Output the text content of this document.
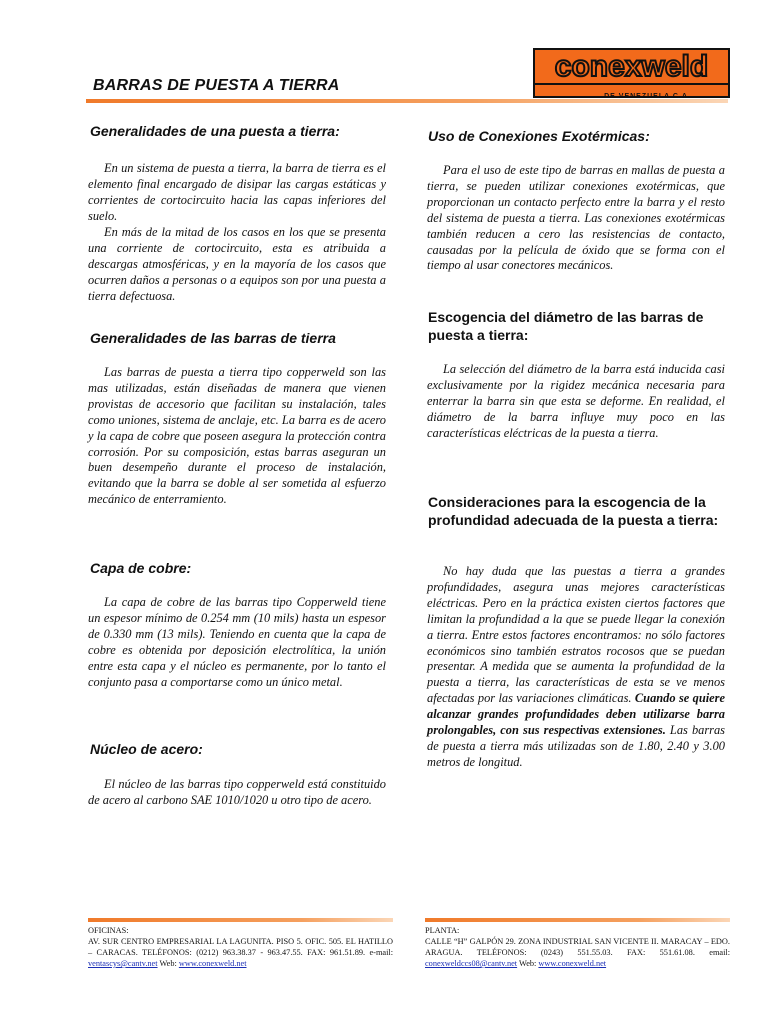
BARRAS DE PUESTA A TIERRA
conexweld
DE VENEZUELA C.A.
Generalidades de una puesta a tierra:

En un sistema de puesta a tierra, la barra de tierra es el elemento final encargado de disipar las cargas estáticas y corrientes de cortocircuito hacia las capas inferiores del suelo.

En más de la mitad de los casos en los que se presenta una corriente de cortocircuito, esta es atribuida a descargas atmosféricas, y en la mayoría de los casos que ocurren daños a personas o a equipos son por una puesta a tierra defectuosa.

Generalidades de las barras de tierra

Las barras de puesta a tierra tipo copperweld son las mas utilizadas, están diseñadas de manera que vienen provistas de accesorio que facilitan su instalación, tales como uniones, sistema de anclaje, etc. La barra es de acero y la capa de cobre que poseen asegura la protección contra corrosión. Por su composición, estas barras aseguran un buen desempeño durante el proceso de instalación, evitando que la barra se doble al ser sometida al esfuerzo mecánico de enterramiento.

Capa de cobre:

La capa de cobre de las barras tipo Copperweld tiene un espesor mínimo de 0.254 mm (10 mils) hasta un espesor de 0.330 mm (13 mils). Teniendo en cuenta que la capa de cobre es obtenida por deposición electrolítica, la unión entre esta capa y el núcleo es permanente, por lo tanto el conjunto pasa a comportarse como un único metal.

Núcleo de acero:

El núcleo de las barras tipo copperweld está constituido de acero al carbono SAE 1010/1020 u otro tipo de acero.

Uso de Conexiones Exotérmicas:

Para el uso de este tipo de barras en mallas de puesta a tierra, se pueden utilizar conexiones exotérmicas, que proporcionan un contacto perfecto entre la barra y el resto del sistema de puesta a tierra. Las conexiones exotérmicas también reducen a cero las resistencias de contacto, causadas por la película de óxido que se forma con el tiempo al usar conectores mecánicos.

Escogencia del diámetro de las barras de puesta a tierra:

La selección del diámetro de la barra está inducida casi exclusivamente por la rigidez mecánica necesaria para enterrar la barra sin que esta se deforme. En realidad, el diámetro de la barra influye muy poco en las características eléctricas de la puesta a tierra.

Consideraciones para la escogencia de la profundidad adecuada de la puesta a tierra:

No hay duda que las puestas a tierra a grandes profundidades, asegura unas mejores características eléctricas. Pero en la práctica existen ciertos factores que limitan la profundidad a la que se puede llegar la conexión a tierra. Entre estos factores encontramos: no sólo factores económicos sino también estratos rocosos que se puedan presentar. A medida que se aumenta la profundidad de la puesta a tierra, las características de esta se ve menos afectadas por las variaciones climáticas. Cuando se quiere alcanzar grandes profundidades deben utilizarse barra prolongables, con sus respectivas extensiones. Las barras de puesta a tierra más utilizadas son de 1.80, 2.40 y 3.00 metros de longitud.

OFICINAS:
AV. SUR CENTRO EMPRESARIAL LA LAGUNITA. PISO 5. OFIC. 505. EL HATILLO – CARACAS. TELÉFONOS: (0212) 963.38.37 - 963.47.55. FAX: 961.51.89. e-mail: ventascys@cantv.net Web: www.conexweld.net
PLANTA:
CALLE “H” GALPÓN 29. ZONA INDUSTRIAL SAN VICENTE II. MARACAY – EDO. ARAGUA. TELÉFONOS: (0243) 551.55.03. FAX: 551.61.08. email: conexweldccs08@cantv.net Web: www.conexweld.net
